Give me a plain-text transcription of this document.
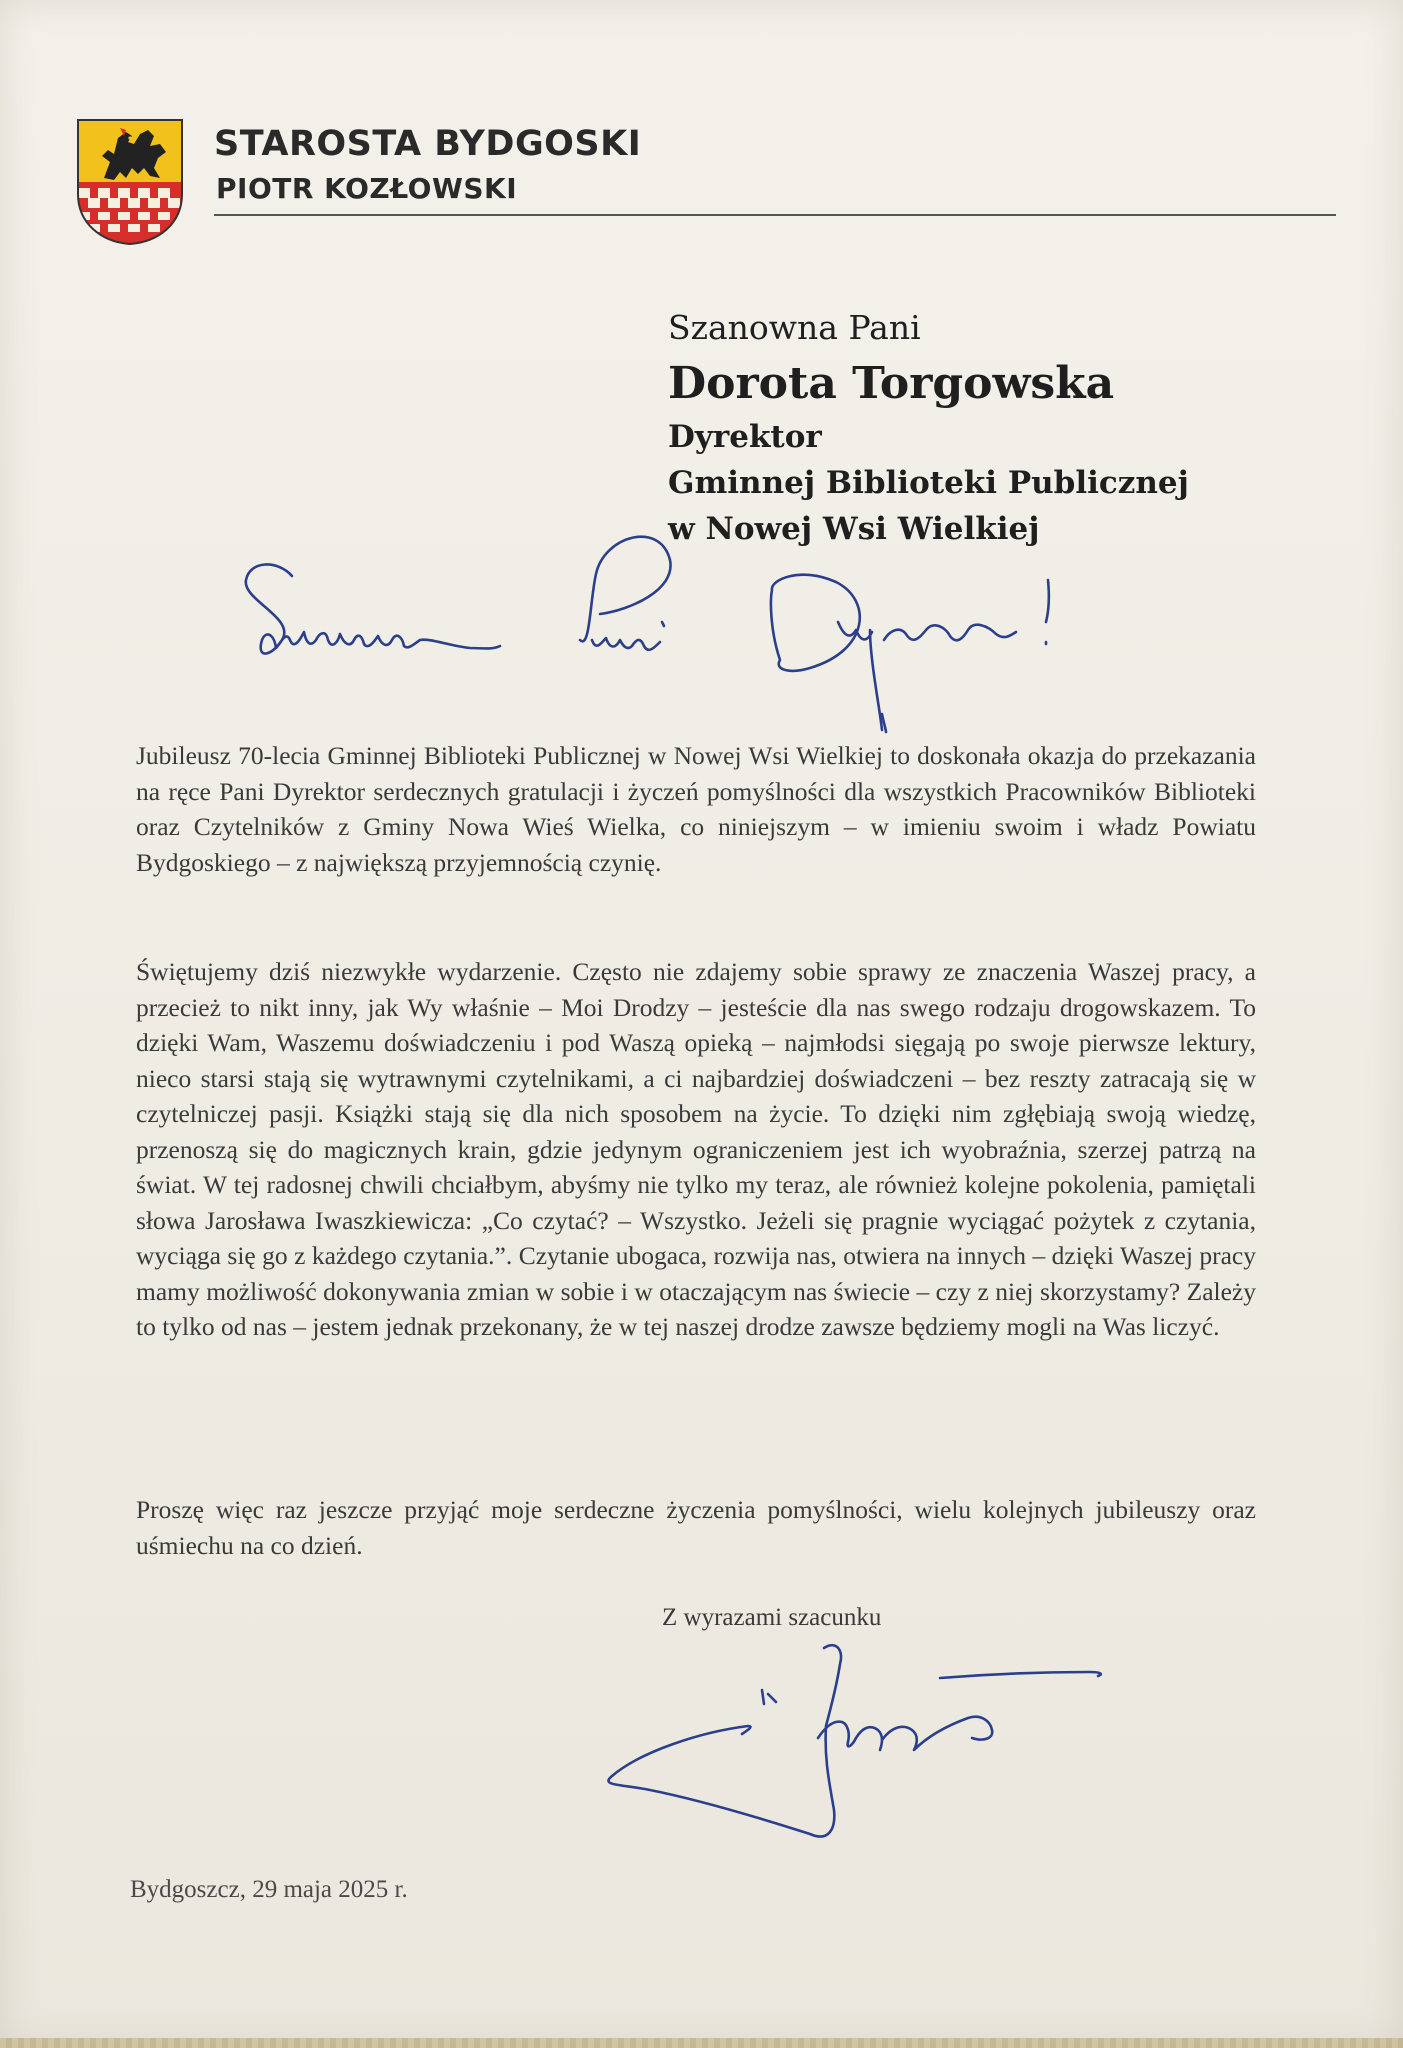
STAROSTA BYDGOSKI
PIOTR KOZŁOWSKI
Szanowna Pani
Dorota Torgowska
Dyrektor
Gminnej Biblioteki Publicznej
w Nowej Wsi Wielkiej

Jubileusz 70-lecia Gminnej Biblioteki Publicznej w Nowej Wsi Wielkiej to doskonała okazja do przekazania na ręce Pani Dyrektor serdecznych gratulacji i życzeń pomyślności dla wszystkich Pracowników Biblioteki oraz Czytelników z Gminy Nowa Wieś Wielka, co niniejszym – w imieniu swoim i władz Powiatu Bydgoskiego – z największą przyjemnością czynię.

Świętujemy dziś niezwykłe wydarzenie. Często nie zdajemy sobie sprawy ze znaczenia Waszej pracy, a przecież to nikt inny, jak Wy właśnie – Moi Drodzy – jesteście dla nas swego rodzaju drogowskazem. To dzięki Wam, Waszemu doświadczeniu i pod Waszą opieką – najmłodsi sięgają po swoje pierwsze lektury, nieco starsi stają się wytrawnymi czytelnikami, a ci najbardziej doświadczeni – bez reszty zatracają się w czytelniczej pasji. Książki stają się dla nich sposobem na życie. To dzięki nim zgłębiają swoją wiedzę, przenoszą się do magicznych krain, gdzie jedynym ograniczeniem jest ich wyobraźnia, szerzej patrzą na świat. W tej radosnej chwili chciałbym, abyśmy nie tylko my teraz, ale również kolejne pokolenia, pamiętali słowa Jarosława Iwaszkiewicza: „Co czytać? – Wszystko. Jeżeli się pragnie wyciągać pożytek z czytania, wyciąga się go z każdego czytania.”. Czytanie ubogaca, rozwija nas, otwiera na innych – dzięki Waszej pracy mamy możliwość dokonywania zmian w sobie i w otaczającym nas świecie – czy z niej skorzystamy? Zależy to tylko od nas – jestem jednak przekonany, że w tej naszej drodze zawsze będziemy mogli na Was liczyć.

Proszę więc raz jeszcze przyjąć moje serdeczne życzenia pomyślności, wielu kolejnych jubileuszy oraz uśmiechu na co dzień.

Z wyrazami szacunku
Bydgoszcz, 29 maja 2025 r.
